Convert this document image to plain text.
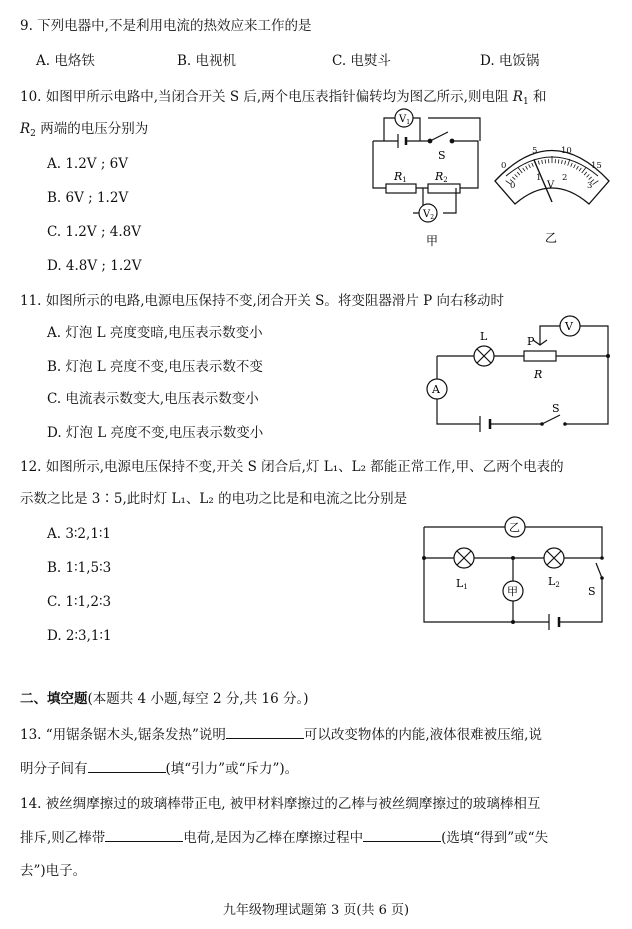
9. 下列电器中,不是利用电流的热效应来工作的是
A. 电烙铁	B. 电视机	C. 电熨斗	D. 电饭锅
10. 如图甲所示电路中,当闭合开关 S 后,两个电压表指针偏转均为图乙所示,则电阻 $R_1$ 和
$R_2$ 两端的电压分别为
A. 1.2V ; 6V
B. 6V ; 1.2V
C. 1.2V ; 4.8V
D. 4.8V ; 1.2V
$V_1$
$V_2$
S
R1	R2
甲
0
5	10
15
0
1 2
3
V
乙
11. 如图所示的电路,电源电压保持不变,闭合开关 S。将变阻器滑片 P 向右移动时
A. 灯泡 L 亮度变暗,电压表示数变小
B. 灯泡 L 亮度不变,电压表示数不变
C. 电流表示数变大,电压表示数变小
D. 灯泡 L 亮度不变,电压表示数变小
V
A
L	P
R
S
12. 如图所示,电源电压保持不变,开关 S 闭合后,灯 L₁、L₂ 都能正常工作,甲、乙两个电表的
示数之比是 3∶5,此时灯 L₁、L₂ 的电功之比是和电流之比分别是
A. 3∶2,1∶1
B. 1∶1,5∶3
C. 1∶1,2∶3
D. 2∶3,1∶1
乙
甲
L1	L2	S
二、填空题(本题共 4 小题,每空 2 分,共 16 分。)
13. “用锯条锯木头,锯条发热”说明	可以改变物体的内能,液体很难被压缩,说
明分子间有	(填“引力”或“斥力”)。
14. 被丝绸摩擦过的玻璃棒带正电, 被甲材料摩擦过的乙棒与被丝绸摩擦过的玻璃棒相互
排斥,则乙棒带	电荷,是因为乙棒在摩擦过程中	(选填“得到”或“失
去”)电子。
九年级物理试题第 3 页(共 6 页)
